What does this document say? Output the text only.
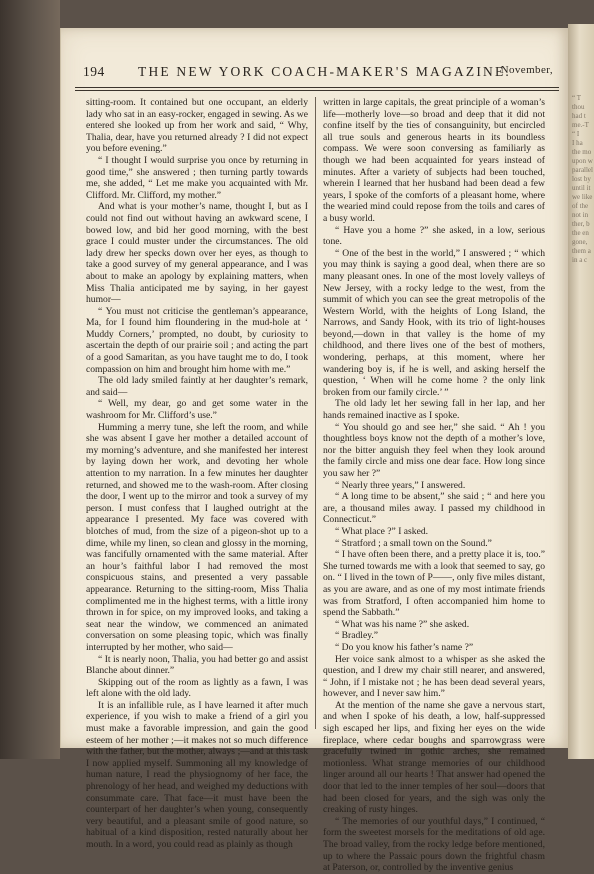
194 THE NEW YORK COACH-MAKER'S MAGAZINE.
November,

sitting-room. It contained but one occupant, an elderly lady who sat in an easy-rocker, engaged in sewing. As we entered she looked up from her work and said, “ Why, Thalia, dear, have you returned already ? I did not expect you before evening.”

“ I thought I would surprise you once by returning in good time,” she answered ; then turning partly towards me, she added, “ Let me make you acquainted with Mr. Clifford. Mr. Clifford, my mother.”

And what is your mother’s name, thought I, but as I could not find out without having an awkward scene, I bowed low, and bid her good morning, with the best grace I could muster under the circumstances. The old lady drew her specks down over her eyes, as though to take a good survey of my general appearance, and I was about to make an apology by explaining matters, when Miss Thalia anticipated me by saying, in her gayest humor—

“ You must not criticise the gentleman’s appearance, Ma, for I found him floundering in the mud-hole at ‘ Muddy Corners,’ prompted, no doubt, by curiosity to ascertain the depth of our prairie soil ; and acting the part of a good Samaritan, as you have taught me to do, I took compassion on him and brought him home with me.”

The old lady smiled faintly at her daughter’s remark, and said—

“ Well, my dear, go and get some water in the washroom for Mr. Clifford’s use.”

Humming a merry tune, she left the room, and while she was absent I gave her mother a detailed account of my morning’s adventure, and she manifested her interest by laying down her work, and devoting her whole attention to my narration. In a few minutes her daughter returned, and showed me to the wash-room. After closing the door, I went up to the mirror and took a survey of my person. I must confess that I laughed outright at the appearance I presented. My face was covered with blotches of mud, from the size of a pigeon-shot up to a dime, while my linen, so clean and glossy in the morning, was fancifully ornamented with the same material. After an hour’s faithful labor I had removed the most conspicuous stains, and presented a very passable appearance. Returning to the sitting-room, Miss Thalia complimented me in the highest terms, with a little irony thrown in for spice, on my improved looks, and taking a seat near the window, we commenced an animated conversation on some pleasing topic, which was finally interrupted by her mother, who said—

“ It is nearly noon, Thalia, you had better go and assist Blanche about dinner.”

Skipping out of the room as lightly as a fawn, I was left alone with the old lady.

It is an infallible rule, as I have learned it after much experience, if you wish to make a friend of a girl you must make a favorable impression, and gain the good esteem of her mother ;—it makes not so much difference with the father, but the mother, always ;—and at this task I now applied myself. Summoning all my knowledge of human nature, I read the physiognomy of her face, the phrenology of her head, and weighed my deductions with consummate care. That face—it must have been the counterpart of her daughter’s when young, consequently very beautiful, and a pleasant smile of good nature, so habitual of a kind disposition, rested naturally about her mouth. In a word, you could read as plainly as though

written in large capitals, the great principle of a woman’s life—motherly love—so broad and deep that it did not confine itself by the ties of consanguinity, but encircled all true souls and generous hearts in its boundless compass. We were soon conversing as familiarly as though we had been acquainted for years instead of minutes. After a variety of subjects had been touched, wherein I learned that her husband had been dead a few years, I spoke of the comforts of a pleasant home, where the wearied mind could repose from the toils and cares of a busy world.

“ Have you a home ?” she asked, in a low, serious tone.

“ One of the best in the world,” I answered ; “ which you may think is saying a good deal, when there are so many pleasant ones. In one of the most lovely valleys of New Jersey, with a rocky ledge to the west, from the summit of which you can see the great metropolis of the Western World, with the heights of Long Island, the Narrows, and Sandy Hook, with its trio of light-houses beyond,—down in that valley is the home of my childhood, and there lives one of the best of mothers, wondering, perhaps, at this moment, where her wandering boy is, if he is well, and asking herself the question, ‘ When will he come home ? the only link broken from our family circle.’ ”

The old lady let her sewing fall in her lap, and her hands remained inactive as I spoke.

“ You should go and see her,” she said. “ Ah ! you thoughtless boys know not the depth of a mother’s love, nor the bitter anguish they feel when they look around the family circle and miss one dear face. How long since you saw her ?”

“ Nearly three years,” I answered.

“ A long time to be absent,” she said ; “ and here you are, a thousand miles away. I passed my childhood in Connecticut.”

“ What place ?” I asked.

“ Stratford ; a small town on the Sound.”

“ I have often been there, and a pretty place it is, too.” She turned towards me with a look that seemed to say, go on. “ I lived in the town of P——, only five miles distant, as you are aware, and as one of my most intimate friends was from Stratford, I often accompanied him home to spend the Sabbath.”

“ What was his name ?” she asked.

“ Bradley.”

“ Do you know his father’s name ?”

Her voice sank almost to a whisper as she asked the question, and I drew my chair still nearer, and answered, “ John, if I mistake not ; he has been dead several years, however, and I never saw him.”

At the mention of the name she gave a nervous start, and when I spoke of his death, a low, half-suppressed sigh escaped her lips, and fixing her eyes on the wide fireplace, where cedar boughs and sparrowgrass were gracefully twined in gothic arches, she remained motionless. What strange memories of our childhood linger around all our hearts ! That answer had opened the door that led to the inner temples of her soul—doors that had been closed for years, and the sigh was only the creaking of rusty hinges.

“ The memories of our youthful days,” I continued, “ form the sweetest morsels for the meditations of old age. The broad valley, from the rocky ledge before mentioned, up to where the Passaic pours down the frightful chasm at Paterson, or, controlled by the inventive genius

“ T
thou
had t
me.-T
“ I
I ha
the mo
upon w
parallel
lost by
until it
we like
of the
not in
ther, b
the en
gone,
them a
in a c
